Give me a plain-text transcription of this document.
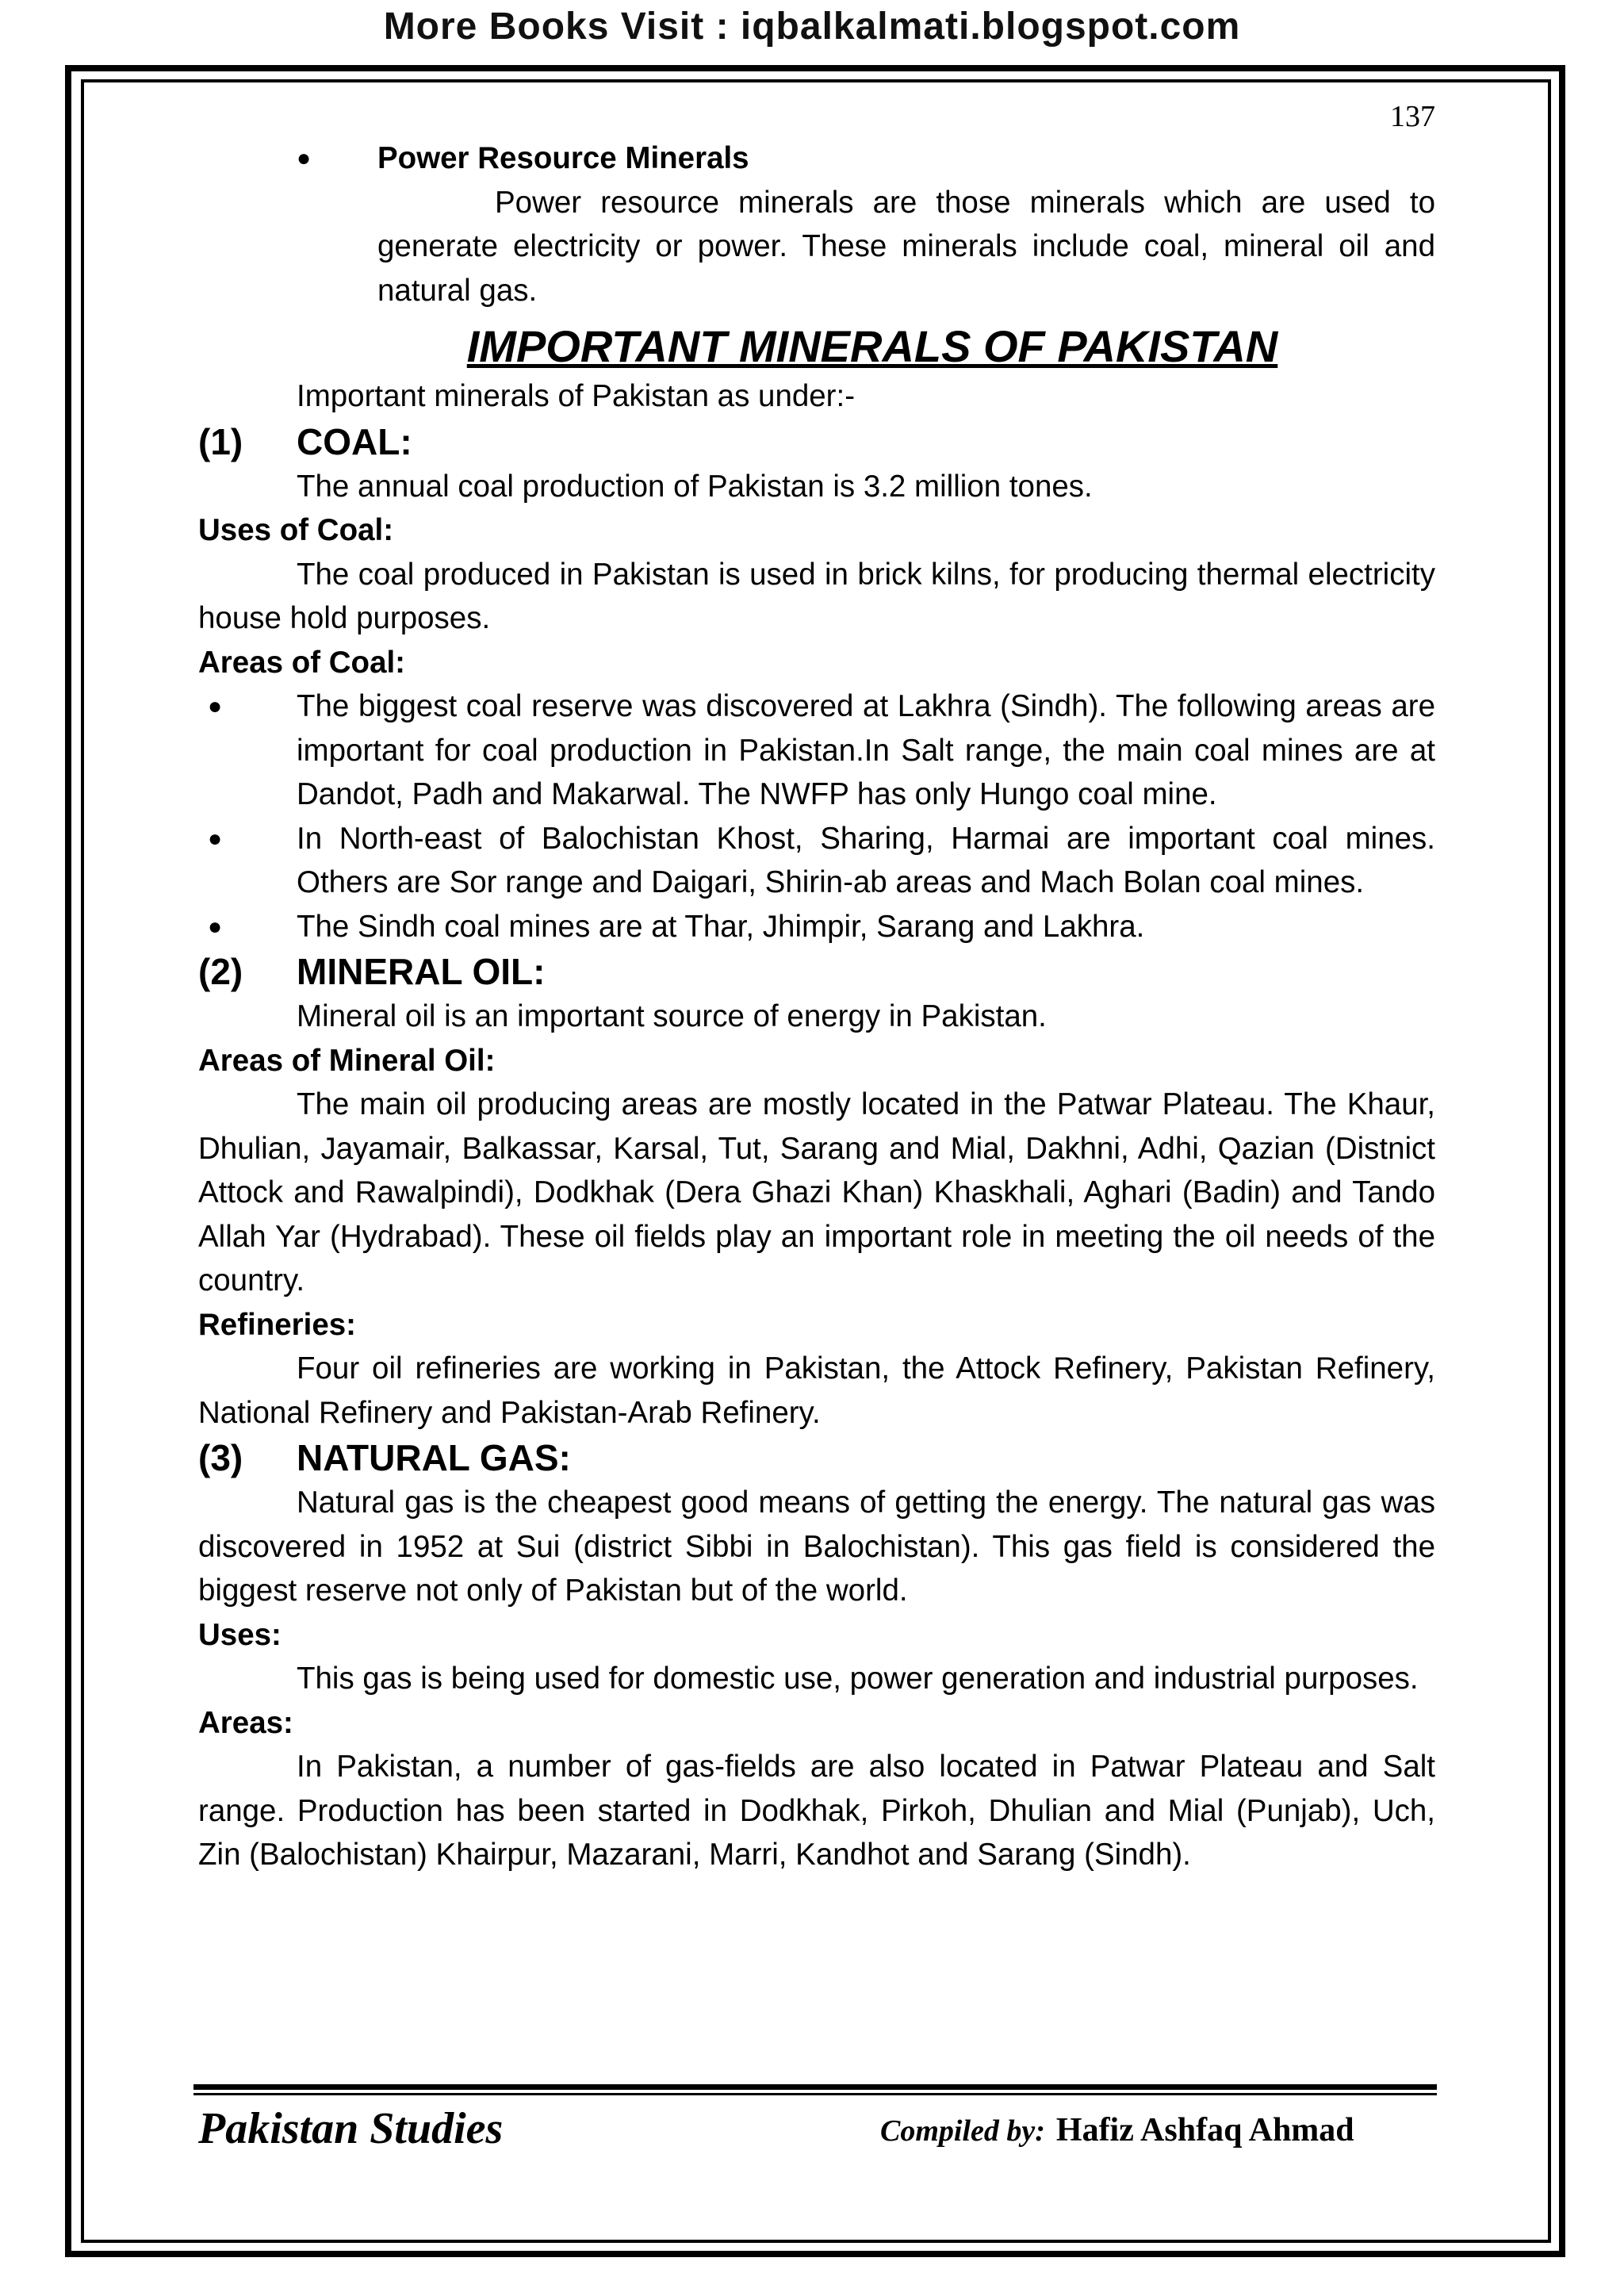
More Books Visit : iqbalkalmati.blogspot.com
137
● Power Resource Minerals

Power resource minerals are those minerals which are used to generate electricity or power. These minerals include coal, mineral oil and natural gas.

IMPORTANT MINERALS OF PAKISTAN

Important minerals of Pakistan as under:-

(1) COAL:

The annual coal production of Pakistan is 3.2 million tones.

Uses of Coal:

The coal produced in Pakistan is used in brick kilns, for producing thermal electricity house hold purposes.

Areas of Coal:

● The biggest coal reserve was discovered at Lakhra (Sindh). The following areas are important for coal production in Pakistan.In Salt range, the main coal mines are at Dandot, Padh and Makarwal. The NWFP has only Hungo coal mine.
● In North-east of Balochistan Khost, Sharing, Harmai are important coal mines. Others are Sor range and Daigari, Shirin-ab areas and Mach Bolan coal mines.
● The Sindh coal mines are at Thar, Jhimpir, Sarang and Lakhra.
(2) MINERAL OIL:

Mineral oil is an important source of energy in Pakistan.

Areas of Mineral Oil:

The main oil producing areas are mostly located in the Patwar Plateau. The Khaur, Dhulian, Jayamair, Balkassar, Karsal, Tut, Sarang and Mial, Dakhni, Adhi, Qazian (Distnict Attock and Rawalpindi), Dodkhak (Dera Ghazi Khan) Khaskhali, Aghari (Badin) and Tando Allah Yar (Hydrabad). These oil fields play an important role in meeting the oil needs of the country.

Refineries:

Four oil refineries are working in Pakistan, the Attock Refinery, Pakistan Refinery, National Refinery and Pakistan-Arab Refinery.

(3) NATURAL GAS:

Natural gas is the cheapest good means of getting the energy. The natural gas was discovered in 1952 at Sui (district Sibbi in Balochistan). This gas field is considered the biggest reserve not only of Pakistan but of the world.

Uses:

This gas is being used for domestic use, power generation and industrial purposes.

Areas:

In Pakistan, a number of gas-fields are also located in Patwar Plateau and Salt range. Production has been started in Dodkhak, Pirkoh, Dhulian and Mial (Punjab), Uch, Zin (Balochistan) Khairpur, Mazarani, Marri, Kandhot and Sarang (Sindh).

Pakistan Studies	Compiled by: Hafiz Ashfaq Ahmad
